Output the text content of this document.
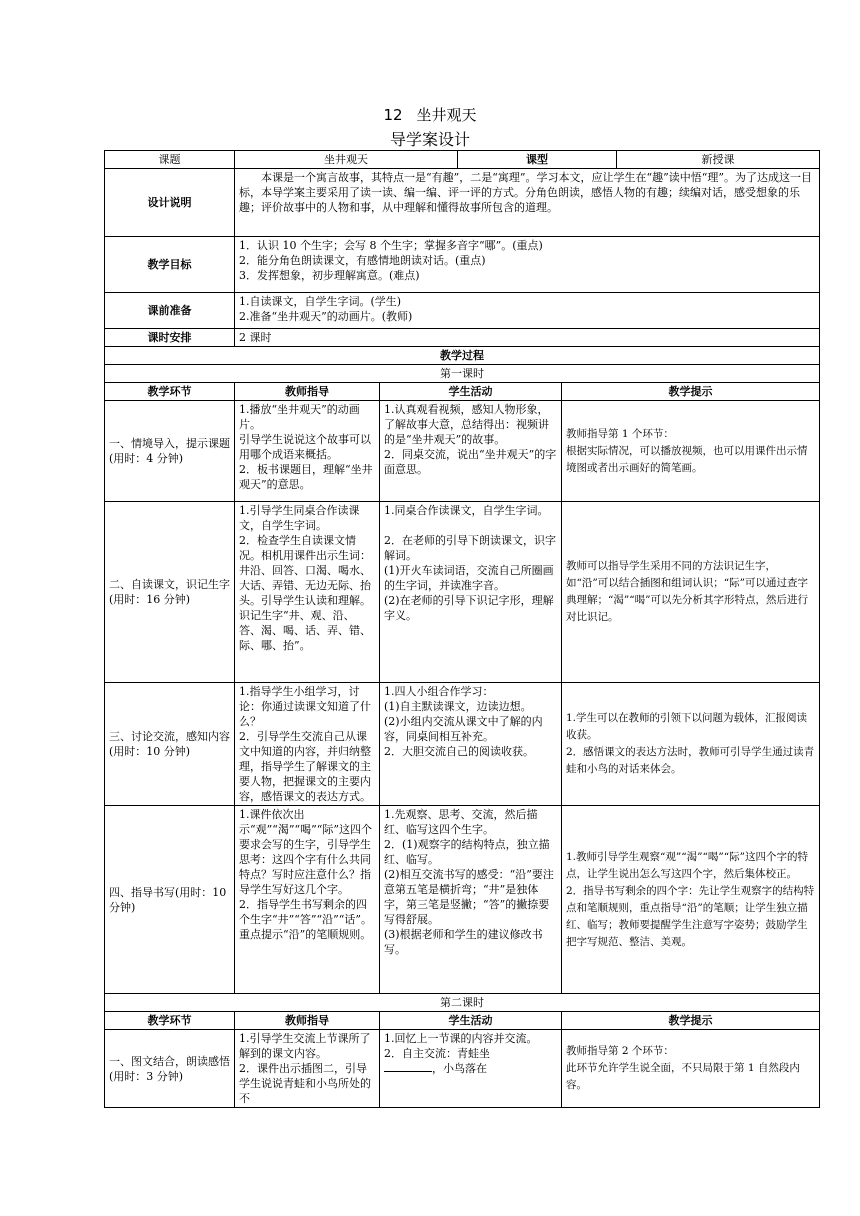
12 坐井观天
导学案设计
课题	坐井观天		课型		新授课
设计说明	本课是一个寓言故事，其特点一是“有趣”，二是“寓理”。学习本文，应让学生在“趣”读中悟“理”。为了达成这一目标，本导学案主要采用了读一读、编一编、评一评的方式。分角色朗读，感悟人物的有趣；续编对话，感受想象的乐趣；评价故事中的人物和事，从中理解和懂得故事所包含的道理。				
教学目标	1．认识 10 个生字；会写 8 个生字；掌握多音字“哪”。(重点)
2．能分角色朗读课文，有感情地朗读对话。(重点)
3．发挥想象，初步理解寓意。(难点)				

课前准备	1.自读课文，自学生字词。(学生)
2.准备“坐井观天”的动画片。(教师)				

课时安排	2 课时				
教学过程					
第一课时					
教学环节	教师指导	学生活动		教学提示	
一、情境导入，提示课题(用时：4 分钟)	1.播放“坐井观天”的动画片。
引导学生说说这个故事可以用哪个成语来概括。
2．板书课题目，理解“坐井观天”的意思。	1.认真观看视频，感知人物形象，了解故事大意，总结得出：视频讲的是“坐井观天”的故事。
2．同桌交流，说出“坐井观天”的字面意思。		教师指导第 1 个环节：
根据实际情况，可以播放视频，也可以用课件出示情境图或者出示画好的简笔画。	

二、自读课文，识记生字(用时：16 分钟)	1.引导学生同桌合作读课文，自学生字词。
2．检查学生自读课文情况。相机用课件出示生词：井沿、回答、口渴、喝水、大话、弄错、无边无际、抬头。引导学生认读和理解。识记生字“井、观、沿、答、渴、喝、话、弄、错、际、哪、抬”。	1.同桌合作读课文，自学生字词。
2．在老师的引导下朗读课文，识字解词。
(1)开火车读词语，交流自己所圈画的生字词，并读准字音。
(2)在老师的引导下识记字形，理解字义。		教师可以指导学生采用不同的方法识记生字，如“沿”可以结合插图和组词认识；“际”可以通过查字典理解；“渴”“喝”可以先分析其字形特点，然后进行对比识记。	

三、讨论交流，感知内容(用时：10 分钟)	1.指导学生小组学习，讨论：你通过读课文知道了什么？
2．引导学生交流自己从课文中知道的内容，并归纳整理，指导学生了解课文的主要人物，把握课文的主要内容，感悟课文的表达方式。	1.四人小组合作学习：
(1)自主默读课文，边读边想。
(2)小组内交流从课文中了解的内容，同桌间相互补充。
2．大胆交流自己的阅读收获。		1.学生可以在教师的引领下以问题为载体，汇报阅读收获。
2．感悟课文的表达方法时，教师可引导学生通过读青蛙和小鸟的对话来体会。	

四、指导书写(用时：10 分钟)	1.课件依次出示“观”“渴”“喝”“际”这四个要求会写的生字，引导学生思考：这四个字有什么共同特点？写时应注意什么？指导学生写好这几个字。
2．指导学生书写剩余的四个生字“井”“答”“沿”“话”。重点提示“沿”的笔顺规则。	1.先观察、思考、交流，然后描红、临写这四个生字。
2．(1)观察字的结构特点，独立描红、临写。
(2)相互交流书写的感受：“沿”要注意第五笔是横折弯；“井”是独体字，第三笔是竖撇；“答”的撇捺要写得舒展。
(3)根据老师和学生的建议修改书写。		1.教师引导学生观察“观”“渴”“喝”“际”这四个字的特点，让学生说出怎么写这四个字，然后集体校正。
2．指导书写剩余的四个字：先让学生观察字的结构特点和笔顺规则，重点指导“沿”的笔顺；让学生独立描红、临写；教师要提醒学生注意写字姿势；鼓励学生把字写规范、整洁、美观。	

第二课时					
教学环节	教师指导	学生活动		教学提示	
一、图文结合，朗读感悟(用时：3 分钟)	1.引导学生交流上节课所了解到的课文内容。
2．课件出示插图二，引导学生说说青蛙和小鸟所处的不	1.回忆上一节课的内容并交流。
2．自主交流：青蛙坐
，小鸟落在		教师指导第 2 个环节：
此环节允许学生说全面，不只局限于第 1 自然段内容。	
